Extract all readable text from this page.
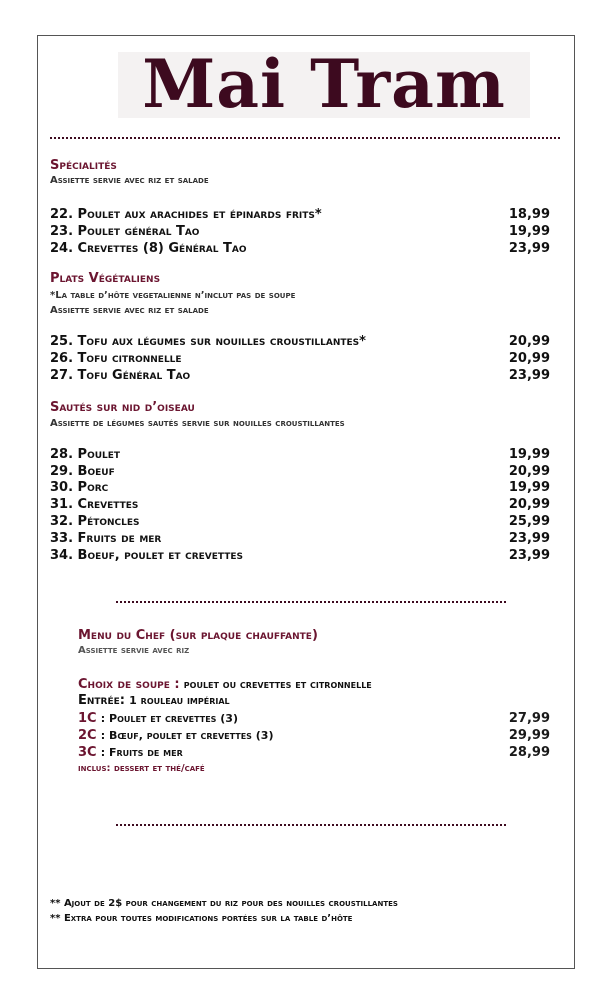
Mai Tram
Spécialités
Assiette servie avec riz et salade
22. Poulet aux arachides et épinards frits*	18,99
23. Poulet général Tao	19,99
24. Crevettes (8) Général Tao	23,99
Plats Végétaliens
*La table d’hôte vegetalienne n’inclut pas de soupe
Assiette servie avec riz et salade
25. Tofu aux légumes sur nouilles croustillantes*	20,99
26. Tofu citronnelle	20,99
27. Tofu Général Tao	23,99
Sautés sur nid d’oiseau
Assiette de légumes sautés servie sur nouilles croustillantes
28. Poulet	19,99
29. Boeuf	20,99
30. Porc	19,99
31. Crevettes	20,99
32. Pétoncles	25,99
33. Fruits de mer	23,99
34. Boeuf, poulet et crevettes	23,99
Menu du Chef (sur plaque chauffante)
Assiette servie avec riz
Choix de soupe : poulet ou crevettes et citronnelle
Entrée: 1 rouleau impérial
1C : Poulet et crevettes (3)	27,99
2C : Bœuf, poulet et crevettes (3)	29,99
3C : Fruits de mer	28,99
inclus: dessert et thé/café
** Ajout de 2$ pour changement du riz pour des nouilles croustillantes
** Extra pour toutes modifications portées sur la table d’hôte
